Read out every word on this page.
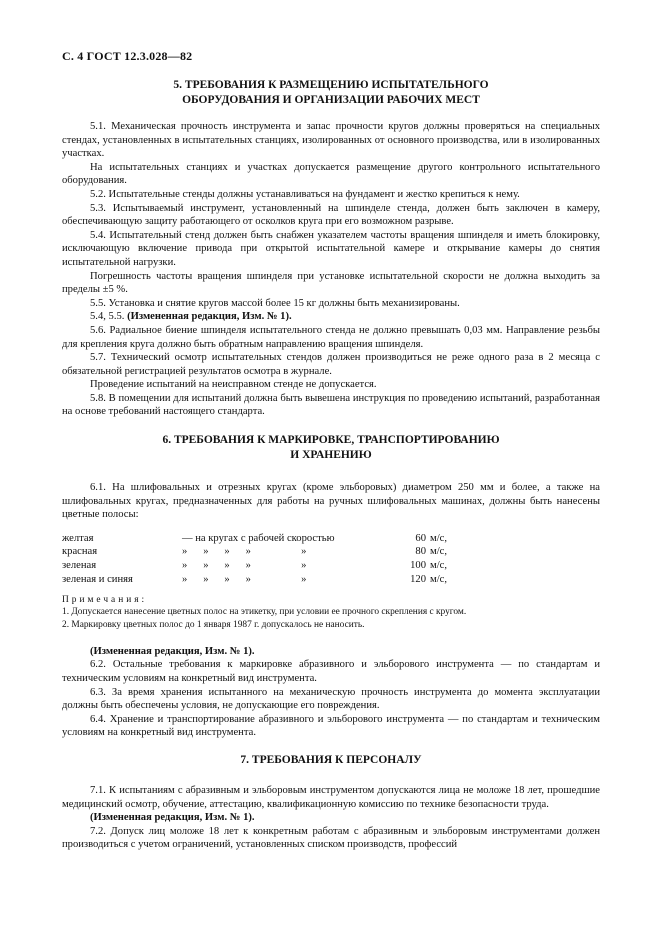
С. 4 ГОСТ 12.3.028—82
5. ТРЕБОВАНИЯ К РАЗМЕЩЕНИЮ ИСПЫТАТЕЛЬНОГО
ОБОРУДОВАНИЯ И ОРГАНИЗАЦИИ РАБОЧИХ МЕСТ

5.1. Механическая прочность инструмента и запас прочности кругов должны проверяться на специальных стендах, установленных в испытательных станциях, изолированных от основного производства, или в изолированных участках.

На испытательных станциях и участках допускается размещение другого контрольного испытательного оборудования.

5.2. Испытательные стенды должны устанавливаться на фундамент и жестко крепиться к нему.

5.3. Испытываемый инструмент, установленный на шпинделе стенда, должен быть заключен в камеру, обеспечивающую защиту работающего от осколков круга при его возможном разрыве.

5.4. Испытательный стенд должен быть снабжен указателем частоты вращения шпинделя и иметь блокировку, исключающую включение привода при открытой испытательной камере и открывание камеры до снятия испытательной нагрузки.

Погрешность частоты вращения шпинделя при установке испытательной скорости не должна выходить за пределы ±5 %.

5.5. Установка и снятие кругов массой более 15 кг должны быть механизированы.

5.4, 5.5. (Измененная редакция, Изм. № 1).

5.6. Радиальное биение шпинделя испытательного стенда не должно превышать 0,03 мм. Направление резьбы для крепления круга должно быть обратным направлению вращения шпинделя.

5.7. Технический осмотр испытательных стендов должен производиться не реже одного раза в 2 месяца с обязательной регистрацией результатов осмотра в журнале.

Проведение испытаний на неисправном стенде не допускается.

5.8. В помещении для испытаний должна быть вывешена инструкция по проведению испытаний, разработанная на основе требований настоящего стандарта.

6. ТРЕБОВАНИЯ К МАРКИРОВКЕ, ТРАНСПОРТИРОВАНИЮ
И ХРАНЕНИЮ

6.1. На шлифовальных и отрезных кругах (кроме эльборовых) диаметром 250 мм и более, а также на шлифовальных кругах, предназначенных для работы на ручных шлифовальных машинах, должны быть нанесены цветные полосы:

желтая	— на кругах с рабочей скоростью	60 м/с,
красная	»      »      »      »                   »	80 м/с,
зеленая	»      »      »      »                   »	100 м/с,
зеленая и синяя	»      »      »      »                   »	120 м/с,
Примечания:
1. Допускается нанесение цветных полос на этикетку, при условии ее прочного скрепления с кругом.
2. Маркировку цветных полос до 1 января 1987 г. допускалось не наносить.

(Измененная редакция, Изм. № 1).

6.2. Остальные требования к маркировке абразивного и эльборового инструмента — по стандартам и техническим условиям на конкретный вид инструмента.

6.3. За время хранения испытанного на механическую прочность инструмента до момента эксплуатации должны быть обеспечены условия, не допускающие его повреждения.

6.4. Хранение и транспортирование абразивного и эльборового инструмента — по стандартам и техническим условиям на конкретный вид инструмента.

7. ТРЕБОВАНИЯ К ПЕРСОНАЛУ

7.1. К испытаниям с абразивным и эльборовым инструментом допускаются лица не моложе 18 лет, прошедшие медицинский осмотр, обучение, аттестацию, квалификационную комиссию по технике безопасности труда.

(Измененная редакция, Изм. № 1).

7.2. Допуск лиц моложе 18 лет к конкретным работам с абразивным и эльборовым инструментами должен производиться с учетом ограничений, установленных списком производств, профессий
